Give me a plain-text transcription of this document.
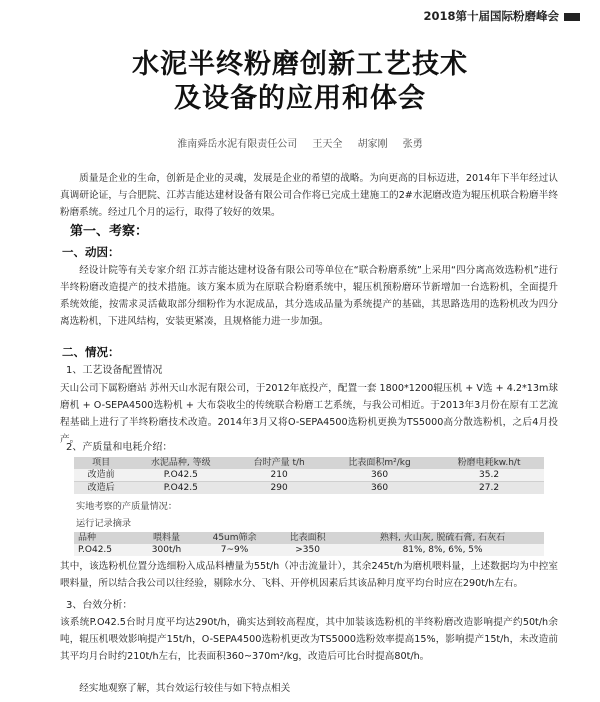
2018第十届国际粉磨峰会
水泥半终粉磨创新工艺技术
及设备的应用和体会
淮南舜岳水泥有限责任公司 王天全 胡家刚 张勇
质量是企业的生命，创新是企业的灵魂，发展是企业的希望的战略。为向更高的目标迈进，2014年下半年经过认真调研论证，与合肥院、江苏吉能达建材设备有限公司合作将已完成土建施工的2#水泥磨改造为辊压机联合粉磨半终粉磨系统。经过几个月的运行，取得了较好的效果。
第一、考察：
一、动因：
经设计院等有关专家介绍 江苏吉能达建材设备有限公司等单位在“联合粉磨系统”上采用“四分离高效选粉机”进行半终粉磨改造提产的技术措施。该方案本质为在原联合粉磨系统中，辊压机预粉磨环节新增加一台选粉机，全面提升系统效能，按需求灵活截取部分细粉作为水泥成品，其分选成品量为系统提产的基础，其思路选用的选粉机改为四分离选粉机，下进风结构，安装更紧凑，且规格能力进一步加强。
二、情况：
1、工艺设备配置情况
天山公司下属粉磨站 苏州天山水泥有限公司，于2012年底投产，配置一套 1800*1200辊压机 + V选 + 4.2*13m球磨机 + O-SEPA4500选粉机 + 大布袋收尘的传统联合粉磨工艺系统，与我公司相近。于2013年3月份在原有工艺流程基础上进行了半终粉磨技术改造。2014年3月又将O-SEPA4500选粉机更换为TS5000高分散选粉机，之后4月投产。
2、产质量和电耗介绍：
项目	水泥品种, 等级	台时产量 t/h	比表面积m²/kg	粉磨电耗kw.h/t
改造前	P.O42.5	210	360	35.2
改造后	P.O42.5	290	360	27.2
实地考察的产质量情况：
运行记录摘录
品种	喂料量	45um筛余	比表面积	熟料, 火山灰, 脱硫石膏, 石灰石
P.O42.5	300t/h	7~9%	>350	81%, 8%, 6%, 5%
其中，该选粉机位置分选细粉入成品料槽量为55t/h（冲击流量计），其余245t/h为磨机喂料量，上述数据均为中控室喂料量，所以结合我公司以往经验，剔除水分、飞料、开停机因素后其该品种月度平均台时应在290t/h左右。
3、台效分析：
该系统P.O42.5台时月度平均达290t/h，确实达到较高程度，其中加装该选粉机的半终粉磨改造影响提产约50t/h余吨，辊压机喂效影响提产15t/h，O-SEPA4500选粉机更改为TS5000选粉效率提高15%，影响提产15t/h，未改造前其平均月台时约210t/h左右，比表面积360~370m²/kg，改造后可比台时提高80t/h。
经实地观察了解，其台效运行较佳与如下特点相关
